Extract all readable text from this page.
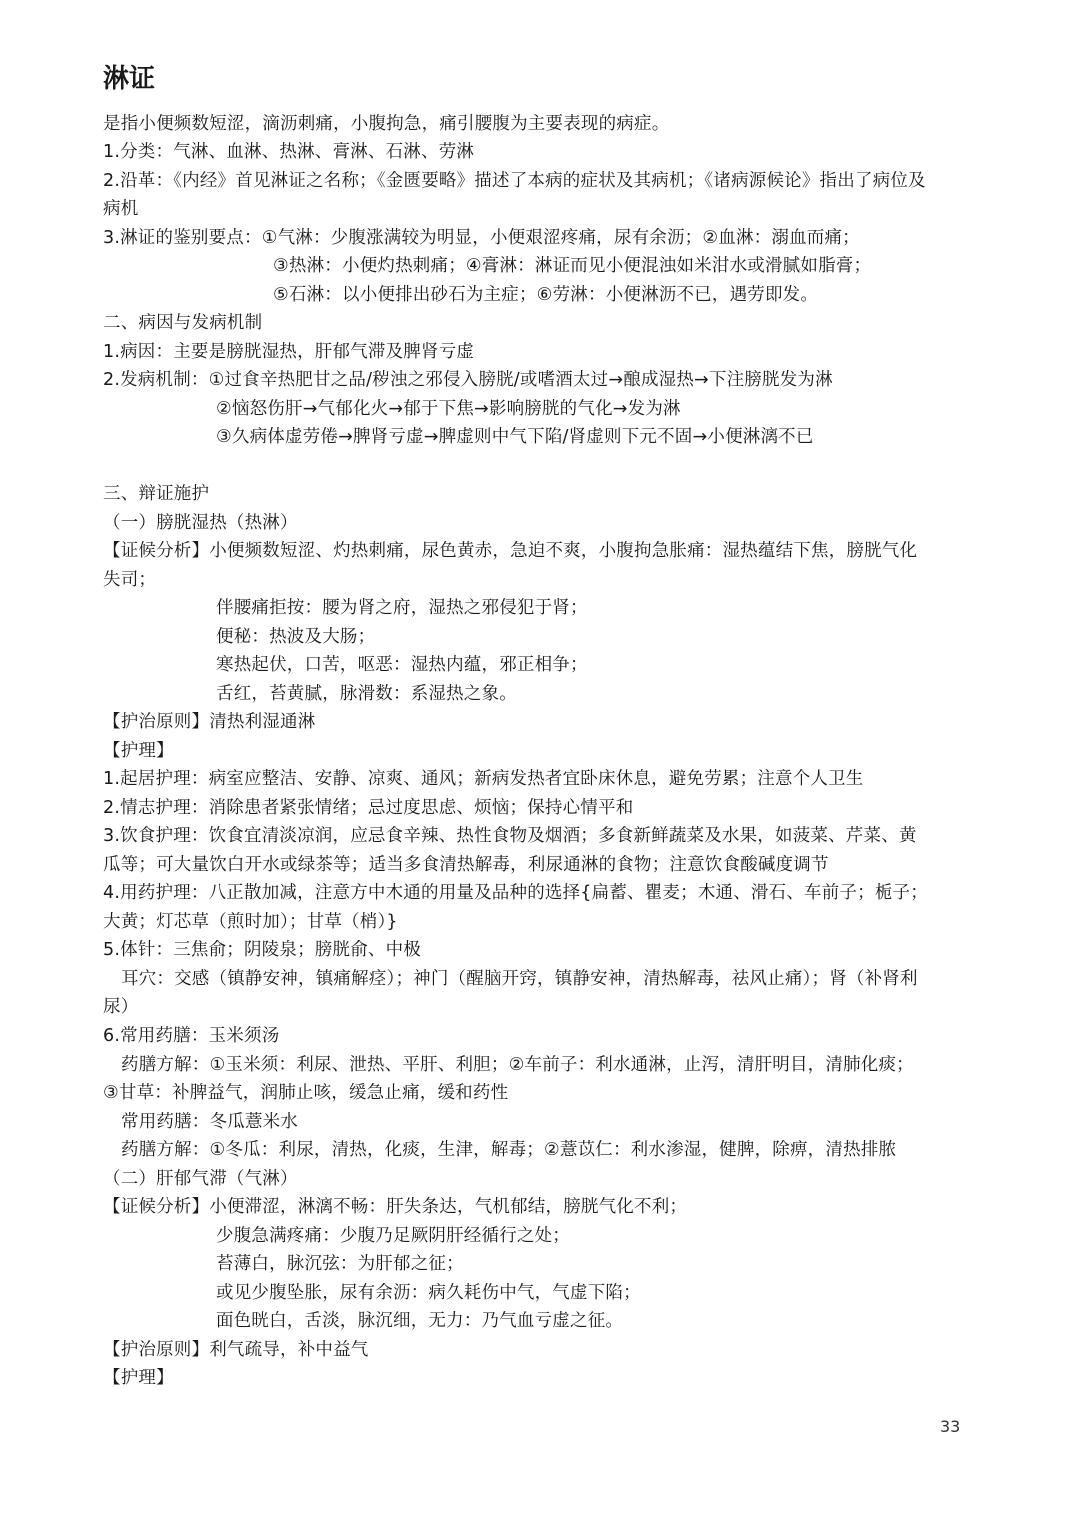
淋证
是指小便频数短涩，滴沥刺痛，小腹拘急，痛引腰腹为主要表现的病症。
1.分类：气淋、血淋、热淋、膏淋、石淋、劳淋
2.沿革：《内经》首见淋证之名称；《金匮要略》描述了本病的症状及其病机；《诸病源候论》指出了病位及
病机
3.淋证的鉴别要点：①气淋：少腹涨满较为明显，小便艰涩疼痛，尿有余沥；②血淋：溺血而痛；
③热淋：小便灼热刺痛；④膏淋：淋证而见小便混浊如米泔水或滑腻如脂膏；
⑤石淋：以小便排出砂石为主症；⑥劳淋：小便淋沥不已，遇劳即发。
二、病因与发病机制
1.病因：主要是膀胱湿热，肝郁气滞及脾肾亏虚
2.发病机制：①过食辛热肥甘之品/秽浊之邪侵入膀胱/或嗜酒太过→酿成湿热→下注膀胱发为淋
②恼怒伤肝→气郁化火→郁于下焦→影响膀胱的气化→发为淋
③久病体虚劳倦→脾肾亏虚→脾虚则中气下陷/肾虚则下元不固→小便淋漓不已
三、辩证施护
（一）膀胱湿热（热淋）
【证候分析】小便频数短涩、灼热刺痛，尿色黄赤，急迫不爽，小腹拘急胀痛：湿热蕴结下焦，膀胱气化
失司；
伴腰痛拒按：腰为肾之府，湿热之邪侵犯于肾；
便秘：热波及大肠；
寒热起伏，口苦，呕恶：湿热内蕴，邪正相争；
舌红，苔黄腻，脉滑数：系湿热之象。
【护治原则】清热利湿通淋
【护理】
1.起居护理：病室应整洁、安静、凉爽、通风；新病发热者宜卧床休息，避免劳累；注意个人卫生
2.情志护理：消除患者紧张情绪；忌过度思虑、烦恼；保持心情平和
3.饮食护理：饮食宜清淡凉润，应忌食辛辣、热性食物及烟酒；多食新鲜蔬菜及水果，如菠菜、芹菜、黄
瓜等；可大量饮白开水或绿茶等；适当多食清热解毒，利尿通淋的食物；注意饮食酸碱度调节
4.用药护理：八正散加减，注意方中木通的用量及品种的选择{扁蓄、瞿麦；木通、滑石、车前子；栀子；
大黄；灯芯草（煎时加）；甘草（梢）}
5.体针：三焦俞；阴陵泉；膀胱俞、中极
耳穴：交感（镇静安神，镇痛解痉）；神门（醒脑开窍，镇静安神，清热解毒，祛风止痛）；肾（补肾利
尿）
6.常用药膳：玉米须汤
药膳方解：①玉米须：利尿、泄热、平肝、利胆；②车前子：利水通淋，止泻，清肝明目，清肺化痰；
③甘草：补脾益气，润肺止咳，缓急止痛，缓和药性
常用药膳：冬瓜薏米水
药膳方解：①冬瓜：利尿，清热，化痰，生津，解毒；②薏苡仁：利水渗湿，健脾，除痹，清热排脓
（二）肝郁气滞（气淋）
【证候分析】小便滞涩，淋漓不畅：肝失条达，气机郁结，膀胱气化不利；
少腹急满疼痛：少腹乃足厥阴肝经循行之处；
苔薄白，脉沉弦：为肝郁之征；
或见少腹坠胀，尿有余沥：病久耗伤中气，气虚下陷；
面色晄白，舌淡，脉沉细，无力：乃气血亏虚之征。
【护治原则】利气疏导，补中益气
【护理】
33
